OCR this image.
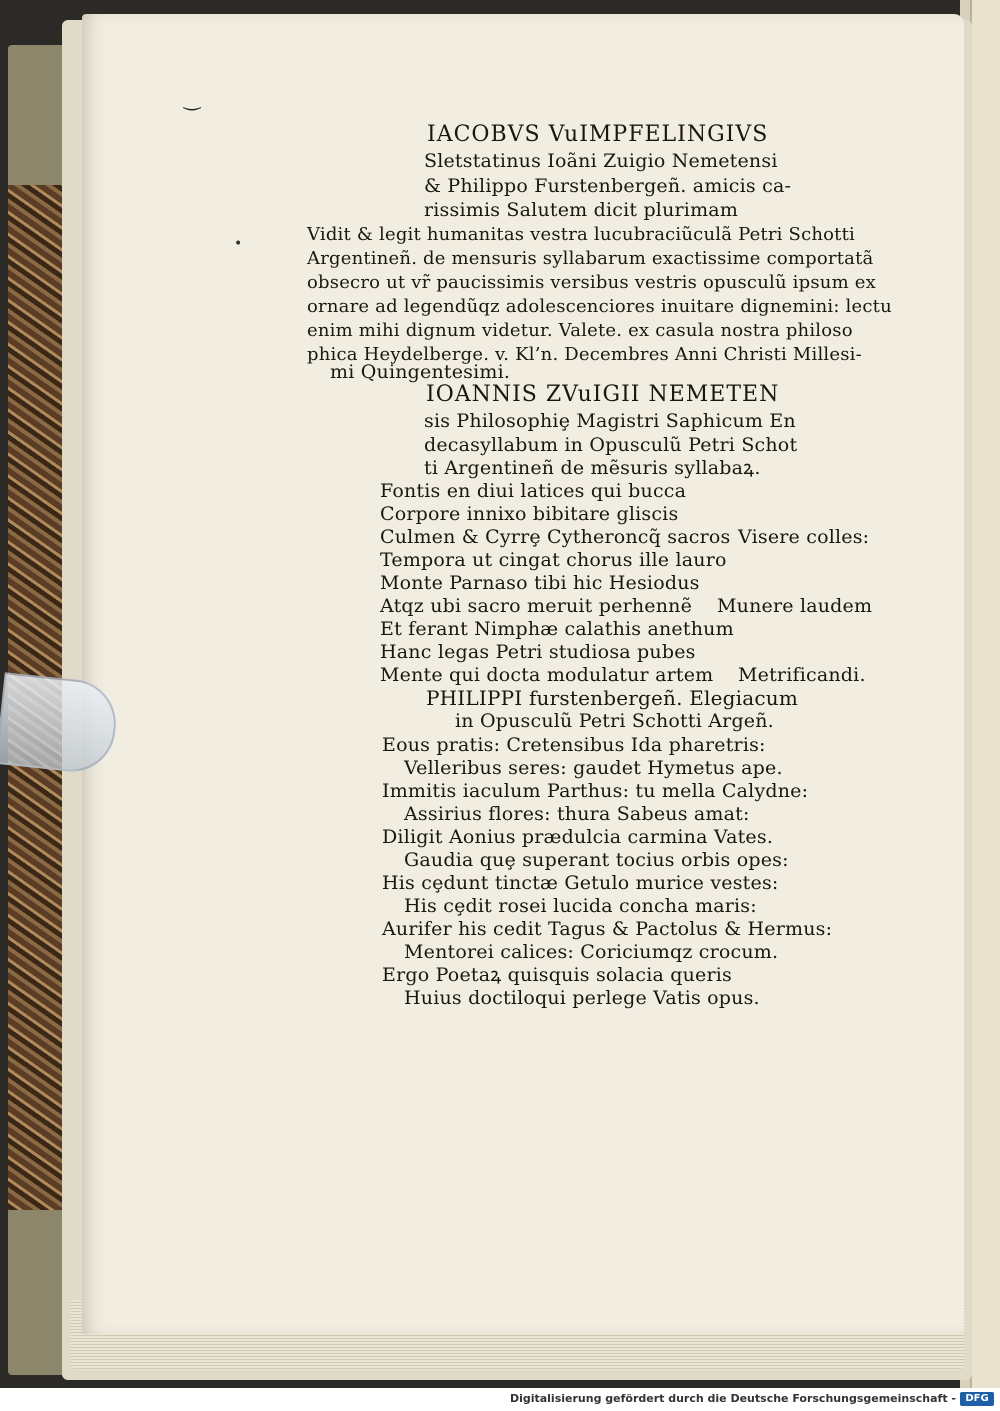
‿
•
IACOBVS VuIMPFELINGIVS
Sletstatinus Ioãni Zuigio Nemetensi
& Philippo Furstenbergeñ. amicis ca-
rissimis Salutem dicit plurimam
Vidit & legit humanitas vestra lucubraciũculã Petri Schotti
Argentineñ. de mensuris syllabarum exactissime comportatã
obsecro ut vr̃ paucissimis versibus vestris opusculũ ipsum ex
ornare ad legendũqz adolescenciores inuitare dignemini: lectu
enim mihi dignum videtur. Valete. ex casula nostra philoso
phica Heydelberge. v. Kl’n. Decembres Anni Christi Millesi-
mi Quingentesimi.
IOANNIS ZVuIGII NEMETEN
sis Philosophiȩ Magistri Saphicum En
decasyllabum in Opusculũ Petri Schot
ti Argentineñ de mẽsuris syllabaꝝ.
Fontis en diui latices qui bucca
Corpore innixo bibitare gliscis
Culmen & Cyrrȩ Cytheroncq̃ sacros Visere colles:
Tempora ut cingat chorus ille lauro
Monte Parnaso tibi hic Hesiodus
Atqz ubi sacro meruit perhennẽ Munere laudem
Et ferant Nimphæ calathis anethum
Hanc legas Petri studiosa pubes
Mente qui docta modulatur artem Metrificandi.
PHILIPPI furstenbergeñ. Elegiacum
in Opusculũ Petri Schotti Argeñ.
Eous pratis: Cretensibus Ida pharetris:
Velleribus seres: gaudet Hymetus ape.
Immitis iaculum Parthus: tu mella Calydne:
Assirius flores: thura Sabeus amat:
Diligit Aonius prædulcia carmina Vates.
Gaudia quȩ superant tocius orbis opes:
His cȩdunt tinctæ Getulo murice vestes:
His cȩdit rosei lucida concha maris:
Aurifer his cedit Tagus & Pactolus & Hermus:
Mentorei calices: Coriciumqz crocum.
Ergo Poetaꝝ quisquis solacia queris
Huius doctiloqui perlege Vatis opus.
Digitalisierung gefördert durch die Deutsche Forschungsgemeinschaft - DFG
